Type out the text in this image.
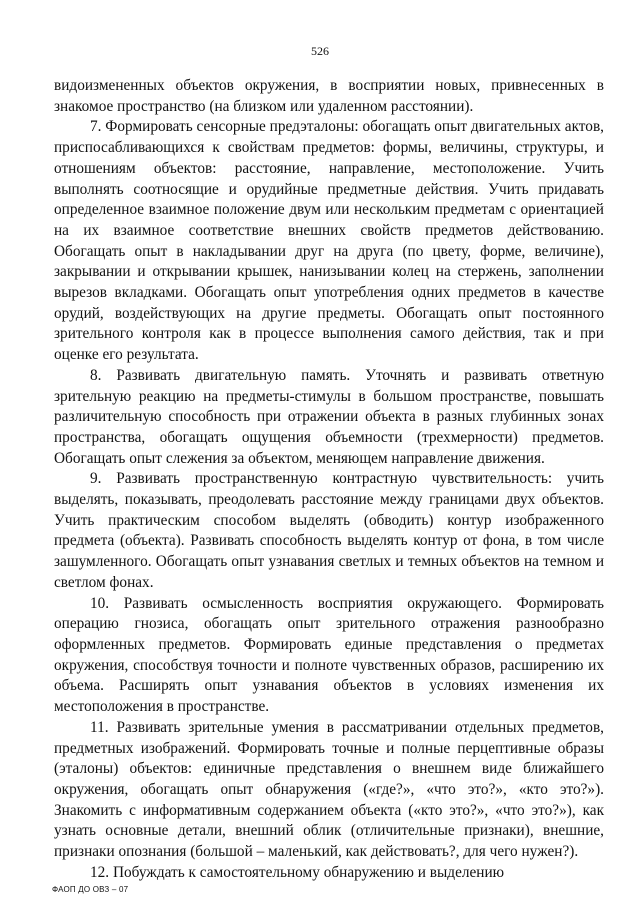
526

видоизмененных объектов окружения, в восприятии новых, привнесенных в знакомое пространство (на близком или удаленном расстоянии).

7. Формировать сенсорные предэталоны: обогащать опыт двигательных актов, приспосабливающихся к свойствам предметов: формы, величины, структуры, и отношениям объектов: расстояние, направление, местоположение. Учить выполнять соотносящие и орудийные предметные действия. Учить придавать определенное взаимное положение двум или нескольким предметам с ориентацией на их взаимное соответствие внешних свойств предметов действованию. Обогащать опыт в накладывании друг на друга (по цвету, форме, величине), закрывании и открывании крышек, нанизывании колец на стержень, заполнении вырезов вкладками. Обогащать опыт употребления одних предметов в качестве орудий, воздействующих на другие предметы. Обогащать опыт постоянного зрительного контроля как в процессе выполнения самого действия, так и при оценке его результата.

8. Развивать двигательную память. Уточнять и развивать ответную зрительную реакцию на предметы-стимулы в большом пространстве, повышать различительную способность при отражении объекта в разных глубинных зонах пространства, обогащать ощущения объемности (трехмерности) предметов. Обогащать опыт слежения за объектом, меняющем направление движения.

9. Развивать пространственную контрастную чувствительность: учить выделять, показывать, преодолевать расстояние между границами двух объектов. Учить практическим способом выделять (обводить) контур изображенного предмета (объекта). Развивать способность выделять контур от фона, в том числе зашумленного. Обогащать опыт узнавания светлых и темных объектов на темном и светлом фонах.

10. Развивать осмысленность восприятия окружающего. Формировать операцию гнозиса, обогащать опыт зрительного отражения разнообразно оформленных предметов. Формировать единые представления о предметах окружения, способствуя точности и полноте чувственных образов, расширению их объема. Расширять опыт узнавания объектов в условиях изменения их местоположения в пространстве.

11. Развивать зрительные умения в рассматривании отдельных предметов, предметных изображений. Формировать точные и полные перцептивные образы (эталоны) объектов: единичные представления о внешнем виде ближайшего окружения, обогащать опыт обнаружения («где?», «что это?», «кто это?»). Знакомить с информативным содержанием объекта («кто это?», «что это?»), как узнать основные детали, внешний облик (отличительные признаки), внешние, признаки опознания (большой – маленький, как действовать?, для чего нужен?).

12. Побуждать к самостоятельному обнаружению и выделению

ФАОП ДО ОВЗ – 07
